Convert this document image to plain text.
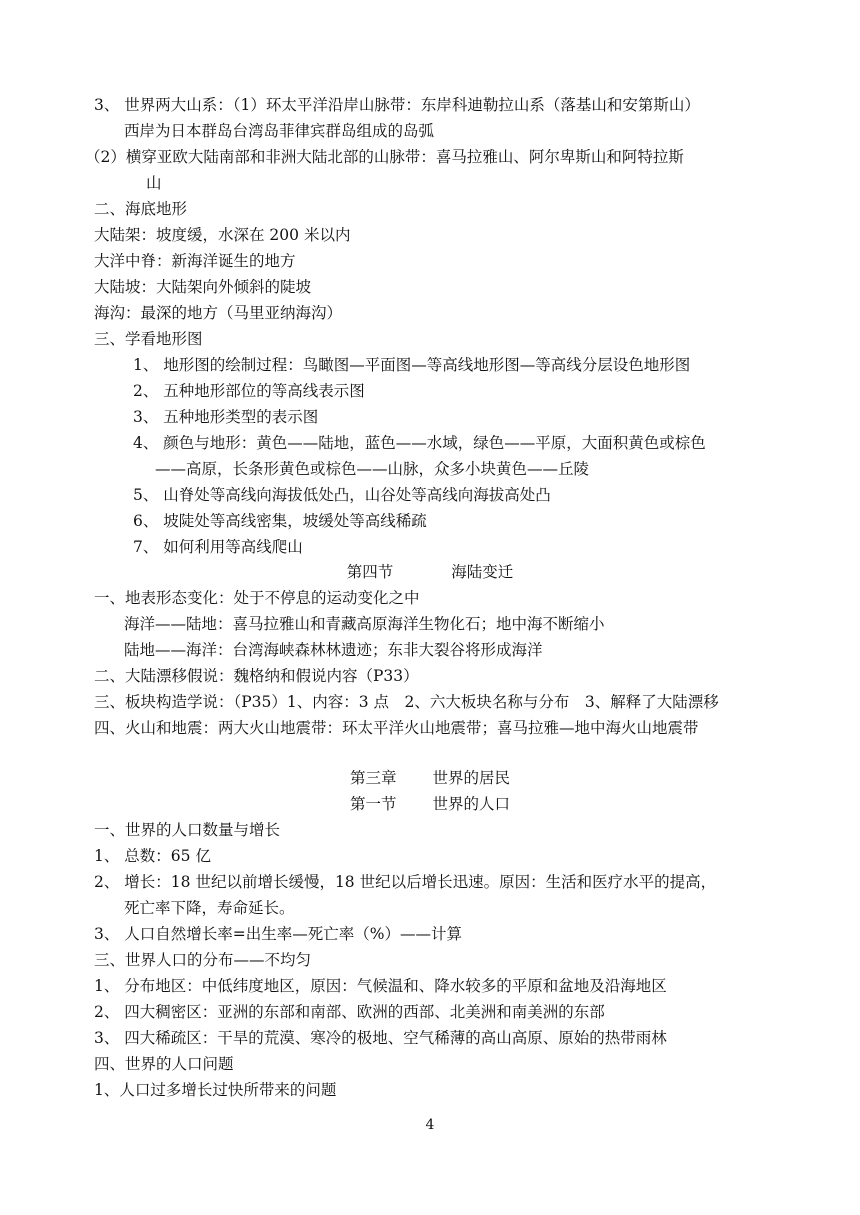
3、 世界两大山系：（1）环太平洋沿岸山脉带：东岸科迪勒拉山系（落基山和安第斯山）
西岸为日本群岛台湾岛菲律宾群岛组成的岛弧
（2）横穿亚欧大陆南部和非洲大陆北部的山脉带：喜马拉雅山、阿尔卑斯山和阿特拉斯
山
二、海底地形
大陆架：坡度缓，水深在 200 米以内
大洋中脊：新海洋诞生的地方
大陆坡：大陆架向外倾斜的陡坡
海沟：最深的地方（马里亚纳海沟）
三、学看地形图
1、 地形图的绘制过程：鸟瞰图—平面图—等高线地形图—等高线分层设色地形图
2、 五种地形部位的等高线表示图
3、 五种地形类型的表示图
4、 颜色与地形：黄色——陆地，蓝色——水域，绿色——平原，大面积黄色或棕色
——高原，长条形黄色或棕色——山脉，众多小块黄色——丘陵
5、 山脊处等高线向海拔低处凸，山谷处等高线向海拔高处凸
6、 坡陡处等高线密集，坡缓处等高线稀疏
7、 如何利用等高线爬山
第四节	海陆变迁
一、地表形态变化：处于不停息的运动变化之中
海洋——陆地：喜马拉雅山和青藏高原海洋生物化石；地中海不断缩小
陆地——海洋：台湾海峡森林林遗迹；东非大裂谷将形成海洋
二、大陆漂移假说：魏格纳和假说内容（P33）
三、板块构造学说：（P35）1、内容：3 点　2、六大板块名称与分布　3、解释了大陆漂移
四、火山和地震：两大火山地震带：环太平洋火山地震带；喜马拉雅—地中海火山地震带
第三章 世界的居民
第一节 世界的人口
一、世界的人口数量与增长
1、 总数：65 亿
2、 增长：18 世纪以前增长缓慢，18 世纪以后增长迅速。原因：生活和医疗水平的提高，
死亡率下降，寿命延长。
3、 人口自然增长率=出生率—死亡率（%）——计算
三、世界人口的分布——不均匀
1、 分布地区：中低纬度地区，原因：气候温和、降水较多的平原和盆地及沿海地区
2、 四大稠密区：亚洲的东部和南部、欧洲的西部、北美洲和南美洲的东部
3、 四大稀疏区：干旱的荒漠、寒冷的极地、空气稀薄的高山高原、原始的热带雨林
四、世界的人口问题
1、人口过多增长过快所带来的问题
4
